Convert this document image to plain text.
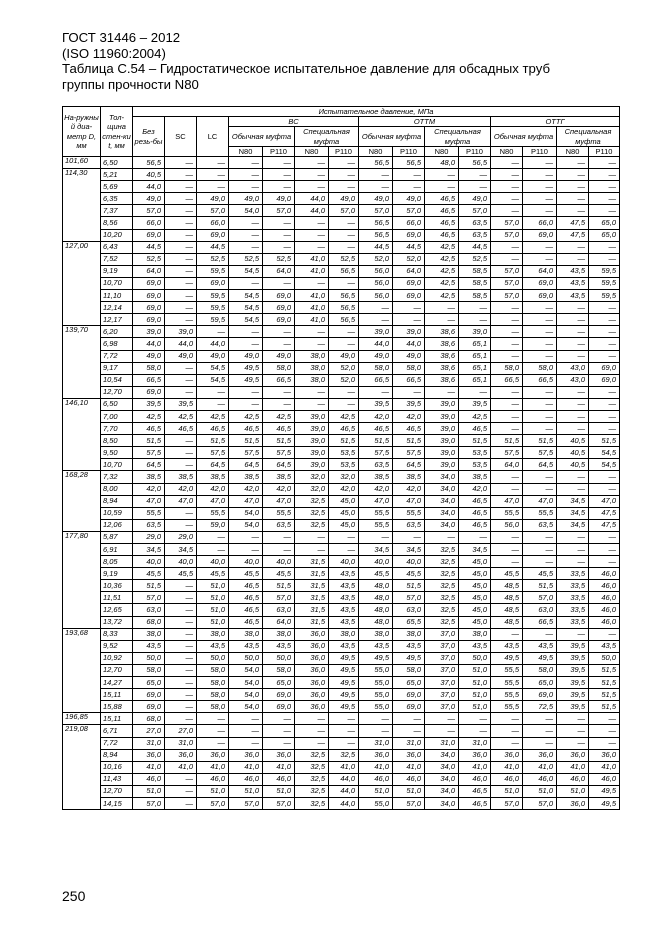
ГОСТ 31446 – 2012
(ISO 11960:2004)
Таблица С.54 – Гидростатическое испытательное давление для обсадных труб
группы прочности N80
На-ружны й диа-метр D, мм	Тол-щина стен-ки t, мм	Испытательное давление, МПа														
		Без резь-бы	SC	LC	ВС				ОТТМ				ОТТГ			
					Обычная муфта		Специальная муфта		Обычная муфта		Специальная муфта		Обычная муфта		Специальная муфта	
					N80	Р110	N80	Р110	N80	Р110	N80	Р110	N80	Р110	N80	Р110
101,60	6,50	56,5	—	—	—	—	—	—	56,5	56,5	48,0	56,5	—	—	—	—
114,30	5,21	40,5	—	—	—	—	—	—	—	—	—	—	—	—	—	—
	5,69	44,0	—	—	—	—	—	—	—	—	—	—	—	—	—	—
	6,35	49,0	—	49,0	49,0	49,0	44,0	49,0	49,0	49,0	46,5	49,0	—	—	—	—
	7,37	57,0	—	57,0	54,0	57,0	44,0	57,0	57,0	57,0	46,5	57,0	—	—	—	—
	8,56	66,0	—	66,0	—	—	—	—	56,5	66,0	46,5	63,5	57,0	66,0	47,5	65,0
	10,20	69,0	—	69,0	—	—	—	—	56,5	69,0	46,5	63,5	57,0	69,0	47,5	65,0
127,00	6,43	44,5	—	44,5	—	—	—	—	44,5	44,5	42,5	44,5	—	—	—	—
	7,52	52,5	—	52,5	52,5	52,5	41,0	52,5	52,0	52,0	42,5	52,5	—	—	—	—
	9,19	64,0	—	59,5	54,5	64,0	41,0	56,5	56,0	64,0	42,5	58,5	57,0	64,0	43,5	59,5
	10,70	69,0	—	69,0	—	—	—	—	56,0	69,0	42,5	58,5	57,0	69,0	43,5	59,5
	11,10	69,0	—	59,5	54,5	69,0	41,0	56,5	56,0	69,0	42,5	58,5	57,0	69,0	43,5	59,5
	12,14	69,0	—	59,5	54,5	69,0	41,0	56,5	—	—	—	—	—	—	—	—
	12,17	69,0	—	59,5	54,5	69,0	41,0	56,5	—	—	—	—	—	—	—	—
139,70	6,20	39,0	39,0	—	—	—	—	—	39,0	39,0	38,6	39,0	—	—	—	—
	6,98	44,0	44,0	44,0	—	—	—	—	44,0	44,0	38,6	65,1	—	—	—	—
	7,72	49,0	49,0	49,0	49,0	49,0	38,0	49,0	49,0	49,0	38,6	65,1	—	—	—	—
	9,17	58,0	—	54,5	49,5	58,0	38,0	52,0	58,0	58,0	38,6	65,1	58,0	58,0	43,0	69,0
	10,54	66,5	—	54,5	49,5	66,5	38,0	52,0	66,5	66,5	38,6	65,1	66,5	66,5	43,0	69,0
	12,70	69,0	—	—	—	—	—	—	—	—	—	—	—	—	—	—
146,10	6,50	39,5	39,5	—	—	—	—	—	39,5	39,5	39,0	39,5	—	—	—	—
	7,00	42,5	42,5	42,5	42,5	42,5	39,0	42,5	42,0	42,0	39,0	42,5	—	—	—	—
	7,70	46,5	46,5	46,5	46,5	46,5	39,0	46,5	46,5	46,5	39,0	46,5	—	—	—	—
	8,50	51,5	—	51,5	51,5	51,5	39,0	51,5	51,5	51,5	39,0	51,5	51,5	51,5	40,5	51,5
	9,50	57,5	—	57,5	57,5	57,5	39,0	53,5	57,5	57,5	39,0	53,5	57,5	57,5	40,5	54,5
	10,70	64,5	—	64,5	64,5	64,5	39,0	53,5	63,5	64,5	39,0	53,5	64,0	64,5	40,5	54,5
168,28	7,32	38,5	38,5	38,5	38,5	38,5	32,0	32,0	38,5	38,5	34,0	38,5	—	—	—	—
	8,00	42,0	42,0	42,0	42,0	42,0	32,0	42,0	42,0	42,0	34,0	42,0	—	—	—	—
	8,94	47,0	47,0	47,0	47,0	47,0	32,5	45,0	47,0	47,0	34,0	46,5	47,0	47,0	34,5	47,0
	10,59	55,5	—	55,5	54,0	55,5	32,5	45,0	55,5	55,5	34,0	46,5	55,5	55,5	34,5	47,5
	12,06	63,5	—	59,0	54,0	63,5	32,5	45,0	55,5	63,5	34,0	46,5	56,0	63,5	34,5	47,5
177,80	5,87	29,0	29,0	—	—	—	—	—	—	—	—	—	—	—	—	—
	6,91	34,5	34,5	—	—	—	—	—	34,5	34,5	32,5	34,5	—	—	—	—
	8,05	40,0	40,0	40,0	40,0	40,0	31,5	40,0	40,0	40,0	32,5	45,0	—	—	—	—
	9,19	45,5	45,5	45,5	45,5	45,5	31,5	43,5	45,5	45,5	32,5	45,0	45,5	45,5	33,5	46,0
	10,36	51,5	—	51,0	46,5	51,5	31,5	43,5	48,0	51,5	32,5	45,0	48,5	51,5	33,5	46,0
	11,51	57,0	—	51,0	46,5	57,0	31,5	43,5	48,0	57,0	32,5	45,0	48,5	57,0	33,5	46,0
	12,65	63,0	—	51,0	46,5	63,0	31,5	43,5	48,0	63,0	32,5	45,0	48,5	63,0	33,5	46,0
	13,72	68,0	—	51,0	46,5	64,0	31,5	43,5	48,0	65,5	32,5	45,0	48,5	66,5	33,5	46,0
193,68	8,33	38,0	—	38,0	38,0	38,0	36,0	38,0	38,0	38,0	37,0	38,0	—	—	—	—
	9,52	43,5	—	43,5	43,5	43,5	36,0	43,5	43,5	43,5	37,0	43,5	43,5	43,5	39,5	43,5
	10,92	50,0	—	50,0	50,0	50,0	36,0	49,5	49,5	49,5	37,0	50,0	49,5	49,5	39,5	50,0
	12,70	58,0	—	58,0	54,0	58,0	36,0	49,5	55,0	58,0	37,0	51,0	55,5	58,0	39,5	51,5
	14,27	65,0	—	58,0	54,0	65,0	36,0	49,5	55,0	65,0	37,0	51,0	55,5	65,0	39,5	51,5
	15,11	69,0	—	58,0	54,0	69,0	36,0	49,5	55,0	69,0	37,0	51,0	55,5	69,0	39,5	51,5
	15,88	69,0	—	58,0	54,0	69,0	36,0	49,5	55,0	69,0	37,0	51,0	55,5	72,5	39,5	51,5
196,85	15,11	68,0	—	—	—	—	—	—	—	—	—	—	—	—	—	—
219,08	6,71	27,0	27,0	—	—	—	—	—	—	—	—	—	—	—	—	—
	7,72	31,0	31,0	—	—	—	—	—	31,0	31,0	31,0	31,0	—	—	—	—
	8,94	36,0	36,0	36,0	36,0	36,0	32,5	32,5	36,0	36,0	34,0	36,0	36,0	36,0	36,0	36,0
	10,16	41,0	41,0	41,0	41,0	41,0	32,5	41,0	41,0	41,0	34,0	41,0	41,0	41,0	41,0	41,0
	11,43	46,0	—	46,0	46,0	46,0	32,5	44,0	46,0	46,0	34,0	46,0	46,0	46,0	46,0	46,0
	12,70	51,0	—	51,0	51,0	51,0	32,5	44,0	51,0	51,0	34,0	46,5	51,0	51,0	51,0	49,5
	14,15	57,0	—	57,0	57,0	57,0	32,5	44,0	55,0	57,0	34,0	46,5	57,0	57,0	36,0	49,5
250
